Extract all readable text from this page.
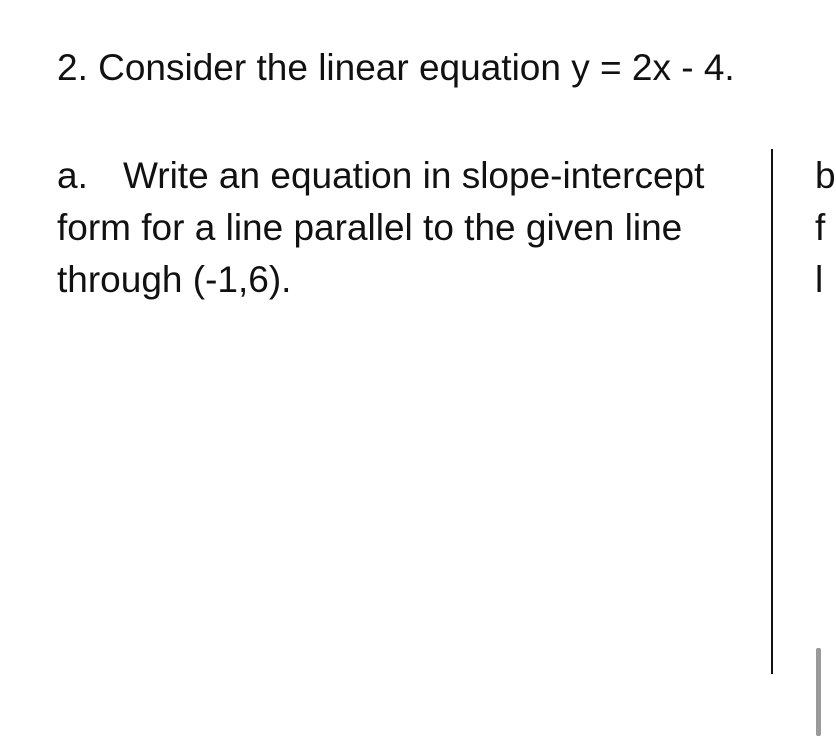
2. Consider the linear equation y = 2x - 4.
a. Write an equation in slope-intercept
form for a line parallel to the given line
through (-1,6).
b
f
l
